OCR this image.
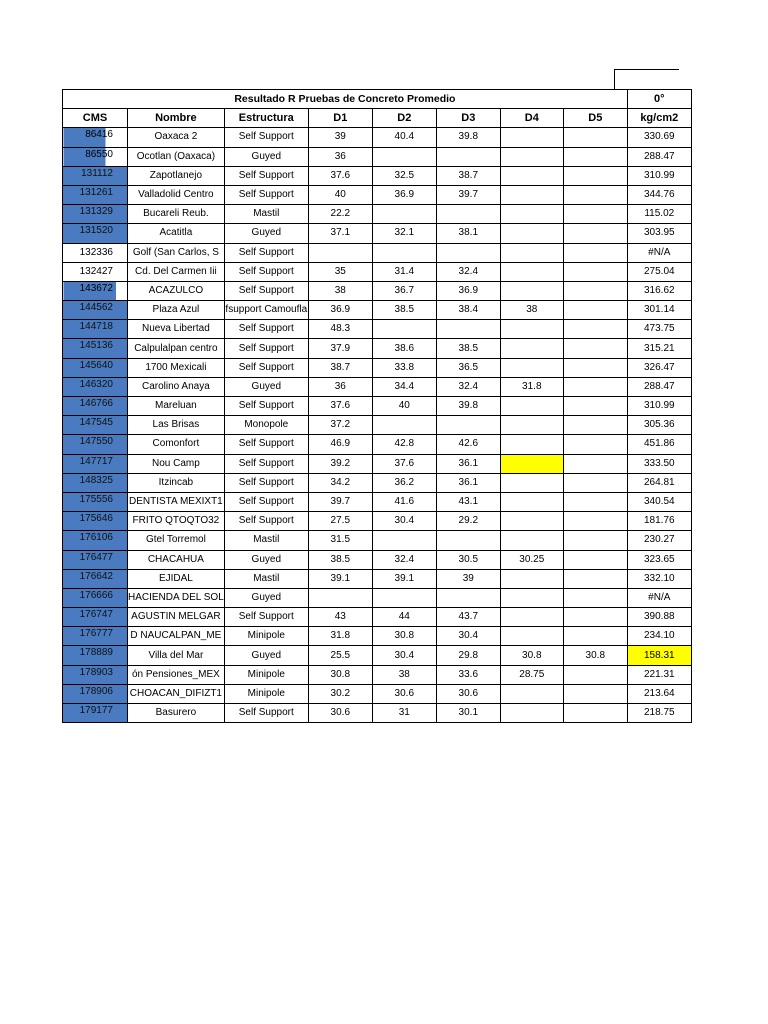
Resultado R Pruebas de Concreto Promedio								0°
CMS	Nombre	Estructura	D1	D2	D3	D4	D5	kg/cm2
86416	Oaxaca 2	Self Support	39	40.4	39.8			330.69
86550	Ocotlan (Oaxaca)	Guyed	36					288.47
131112	Zapotlanejo	Self Support	37.6	32.5	38.7			310.99
131261	Valladolid Centro	Self Support	40	36.9	39.7			344.76
131329	Bucareli Reub.	Mastil	22.2					115.02
131520	Acatitla	Guyed	37.1	32.1	38.1			303.95
132336	Golf (San Carlos, S	Self Support						#N/A
132427	Cd. Del Carmen Iii	Self Support	35	31.4	32.4			275.04
143672	ACAZULCO	Self Support	38	36.7	36.9			316.62
144562	Plaza Azul	fsupport Camoufla	36.9	38.5	38.4	38		301.14
144718	Nueva Libertad	Self Support	48.3					473.75
145136	Calpulalpan centro	Self Support	37.9	38.6	38.5			315.21
145640	1700 Mexicali	Self Support	38.7	33.8	36.5			326.47
146320	Carolino Anaya	Guyed	36	34.4	32.4	31.8		288.47
146766	Mareluan	Self Support	37.6	40	39.8			310.99
147545	Las Brisas	Monopole	37.2					305.36
147550	Comonfort	Self Support	46.9	42.8	42.6			451.86
147717	Nou Camp	Self Support	39.2	37.6	36.1			333.50
148325	Itzincab	Self Support	34.2	36.2	36.1			264.81
175556	DENTISTA MEXIXT1	Self Support	39.7	41.6	43.1			340.54
175646	FRITO QTOQTO32	Self Support	27.5	30.4	29.2			181.76
176106	Gtel Torremol	Mastil	31.5					230.27
176477	CHACAHUA	Guyed	38.5	32.4	30.5	30.25		323.65
176642	EJIDAL	Mastil	39.1	39.1	39			332.10
176666	HACIENDA DEL SOL	Guyed						#N/A
176747	AGUSTIN MELGAR	Self Support	43	44	43.7			390.88
176777	D NAUCALPAN_ME	Minipole	31.8	30.8	30.4			234.10
178889	Villa del Mar	Guyed	25.5	30.4	29.8	30.8	30.8	158.31
178903	ón Pensiones_MEX	Minipole	30.8	38	33.6	28.75		221.31
178906	CHOACAN_DIFIZT1	Minipole	30.2	30.6	30.6			213.64
179177	Basurero	Self Support	30.6	31	30.1			218.75
